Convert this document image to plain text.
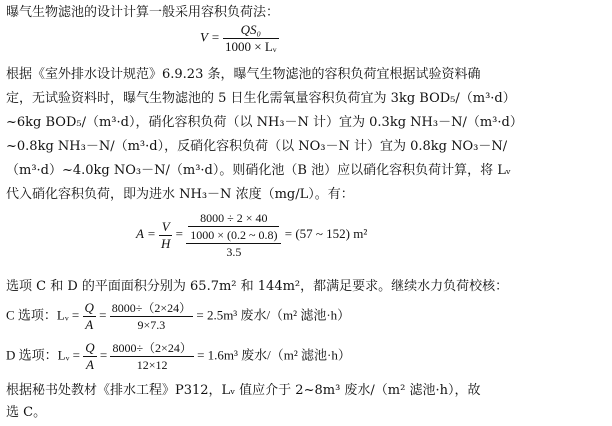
曝气生物滤池的设计计算一般采用容积负荷法：
$V = \frac{\text{QS₀}}{\text{1000 × Lᵥ}}$
根据《室外排水设计规范》6.9.23 条，曝气生物滤池的容积负荷宜根据试验资料确
定，无试验资料时，曝气生物滤池的 5 日生化需氧量容积负荷宜为 3kg BOD₅/（m³·d）
~6kg BOD₅/（m³·d），硝化容积负荷（以 NH₃－N 计）宜为 0.3kg NH₃－N/（m³·d）
~0.8kg NH₃－N/（m³·d），反硝化容积负荷（以 NO₃－N 计）宜为 0.8kg NO₃－N/
（m³·d）~4.0kg NO₃－N/（m³·d）。则硝化池（B 池）应以硝化容积负荷计算，将 Lᵥ
代入硝化容积负荷，即为进水 NH₃－N 浓度（mg/L）。有：
$A = \frac{V}{H} = \frac{\frac{8000 \div 2 \times 40}{1000 \times (0.2 \sim 0.8)}}{3.5} = (57$ ~ 152) m²
选项 C 和 D 的平面面积分别为 65.7m² 和 144m²，都满足要求。继续水力负荷校核：
C 选项：Lᵥ = $\frac{Q}{A} = \frac{8000\div(2\times 24)}{9\times 7.3} = 2.5m^3$ 废水/（m² 滤池·h）
D 选项：Lᵥ = $\frac{Q}{A} = \frac{8000\div(2\times 24)}{12\times 12} = 1.6m^3$ 废水/（m² 滤池·h）
根据秘书处教材《排水工程》P312，Lᵥ 值应介于 2~8m³ 废水/（m² 滤池·h），故
选 C。
